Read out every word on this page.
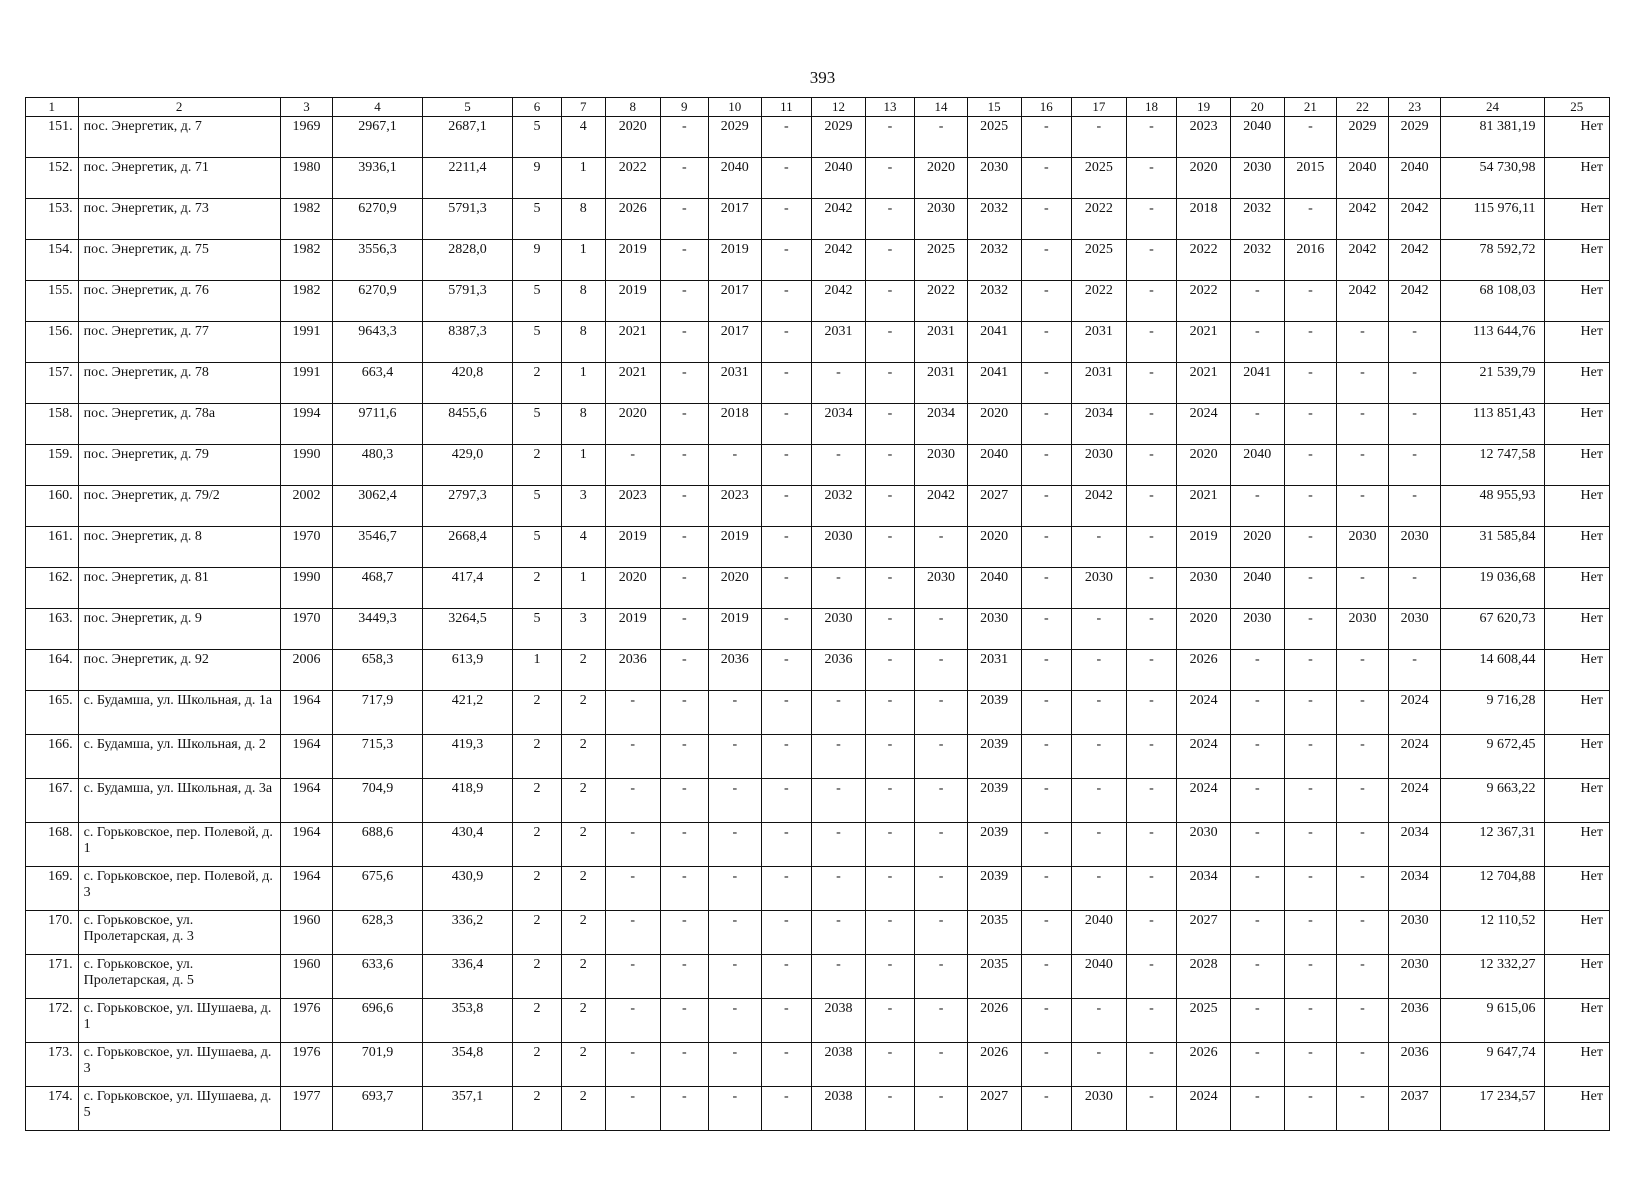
393
1	2	3	4	5	6	7	8	9	10	11	12	13	14	15	16	17	18	19	20	21	22	23	24	25
151.	пос. Энергетик, д. 7	1969	2967,1	2687,1	5	4	2020	-	2029	-	2029	-	-	2025	-	-	-	2023	2040	-	2029	2029	81 381,19	Нет
152.	пос. Энергетик, д. 71	1980	3936,1	2211,4	9	1	2022	-	2040	-	2040	-	2020	2030	-	2025	-	2020	2030	2015	2040	2040	54 730,98	Нет
153.	пос. Энергетик, д. 73	1982	6270,9	5791,3	5	8	2026	-	2017	-	2042	-	2030	2032	-	2022	-	2018	2032	-	2042	2042	115 976,11	Нет
154.	пос. Энергетик, д. 75	1982	3556,3	2828,0	9	1	2019	-	2019	-	2042	-	2025	2032	-	2025	-	2022	2032	2016	2042	2042	78 592,72	Нет
155.	пос. Энергетик, д. 76	1982	6270,9	5791,3	5	8	2019	-	2017	-	2042	-	2022	2032	-	2022	-	2022	-	-	2042	2042	68 108,03	Нет
156.	пос. Энергетик, д. 77	1991	9643,3	8387,3	5	8	2021	-	2017	-	2031	-	2031	2041	-	2031	-	2021	-	-	-	-	113 644,76	Нет
157.	пос. Энергетик, д. 78	1991	663,4	420,8	2	1	2021	-	2031	-	-	-	2031	2041	-	2031	-	2021	2041	-	-	-	21 539,79	Нет
158.	пос. Энергетик, д. 78а	1994	9711,6	8455,6	5	8	2020	-	2018	-	2034	-	2034	2020	-	2034	-	2024	-	-	-	-	113 851,43	Нет
159.	пос. Энергетик, д. 79	1990	480,3	429,0	2	1	-	-	-	-	-	-	2030	2040	-	2030	-	2020	2040	-	-	-	12 747,58	Нет
160.	пос. Энергетик, д. 79/2	2002	3062,4	2797,3	5	3	2023	-	2023	-	2032	-	2042	2027	-	2042	-	2021	-	-	-	-	48 955,93	Нет
161.	пос. Энергетик, д. 8	1970	3546,7	2668,4	5	4	2019	-	2019	-	2030	-	-	2020	-	-	-	2019	2020	-	2030	2030	31 585,84	Нет
162.	пос. Энергетик, д. 81	1990	468,7	417,4	2	1	2020	-	2020	-	-	-	2030	2040	-	2030	-	2030	2040	-	-	-	19 036,68	Нет
163.	пос. Энергетик, д. 9	1970	3449,3	3264,5	5	3	2019	-	2019	-	2030	-	-	2030	-	-	-	2020	2030	-	2030	2030	67 620,73	Нет
164.	пос. Энергетик, д. 92	2006	658,3	613,9	1	2	2036	-	2036	-	2036	-	-	2031	-	-	-	2026	-	-	-	-	14 608,44	Нет
165.	с. Будамша, ул. Школьная, д. 1а	1964	717,9	421,2	2	2	-	-	-	-	-	-	-	2039	-	-	-	2024	-	-	-	2024	9 716,28	Нет
166.	с. Будамша, ул. Школьная, д. 2	1964	715,3	419,3	2	2	-	-	-	-	-	-	-	2039	-	-	-	2024	-	-	-	2024	9 672,45	Нет
167.	с. Будамша, ул. Школьная, д. 3а	1964	704,9	418,9	2	2	-	-	-	-	-	-	-	2039	-	-	-	2024	-	-	-	2024	9 663,22	Нет
168.	с. Горьковское, пер. Полевой, д. 1	1964	688,6	430,4	2	2	-	-	-	-	-	-	-	2039	-	-	-	2030	-	-	-	2034	12 367,31	Нет
169.	с. Горьковское, пер. Полевой, д. 3	1964	675,6	430,9	2	2	-	-	-	-	-	-	-	2039	-	-	-	2034	-	-	-	2034	12 704,88	Нет
170.	с. Горьковское, ул. Пролетарская, д. 3	1960	628,3	336,2	2	2	-	-	-	-	-	-	-	2035	-	2040	-	2027	-	-	-	2030	12 110,52	Нет
171.	с. Горьковское, ул. Пролетарская, д. 5	1960	633,6	336,4	2	2	-	-	-	-	-	-	-	2035	-	2040	-	2028	-	-	-	2030	12 332,27	Нет
172.	с. Горьковское, ул. Шушаева, д. 1	1976	696,6	353,8	2	2	-	-	-	-	2038	-	-	2026	-	-	-	2025	-	-	-	2036	9 615,06	Нет
173.	с. Горьковское, ул. Шушаева, д. 3	1976	701,9	354,8	2	2	-	-	-	-	2038	-	-	2026	-	-	-	2026	-	-	-	2036	9 647,74	Нет
174.	с. Горьковское, ул. Шушаева, д. 5	1977	693,7	357,1	2	2	-	-	-	-	2038	-	-	2027	-	2030	-	2024	-	-	-	2037	17 234,57	Нет
